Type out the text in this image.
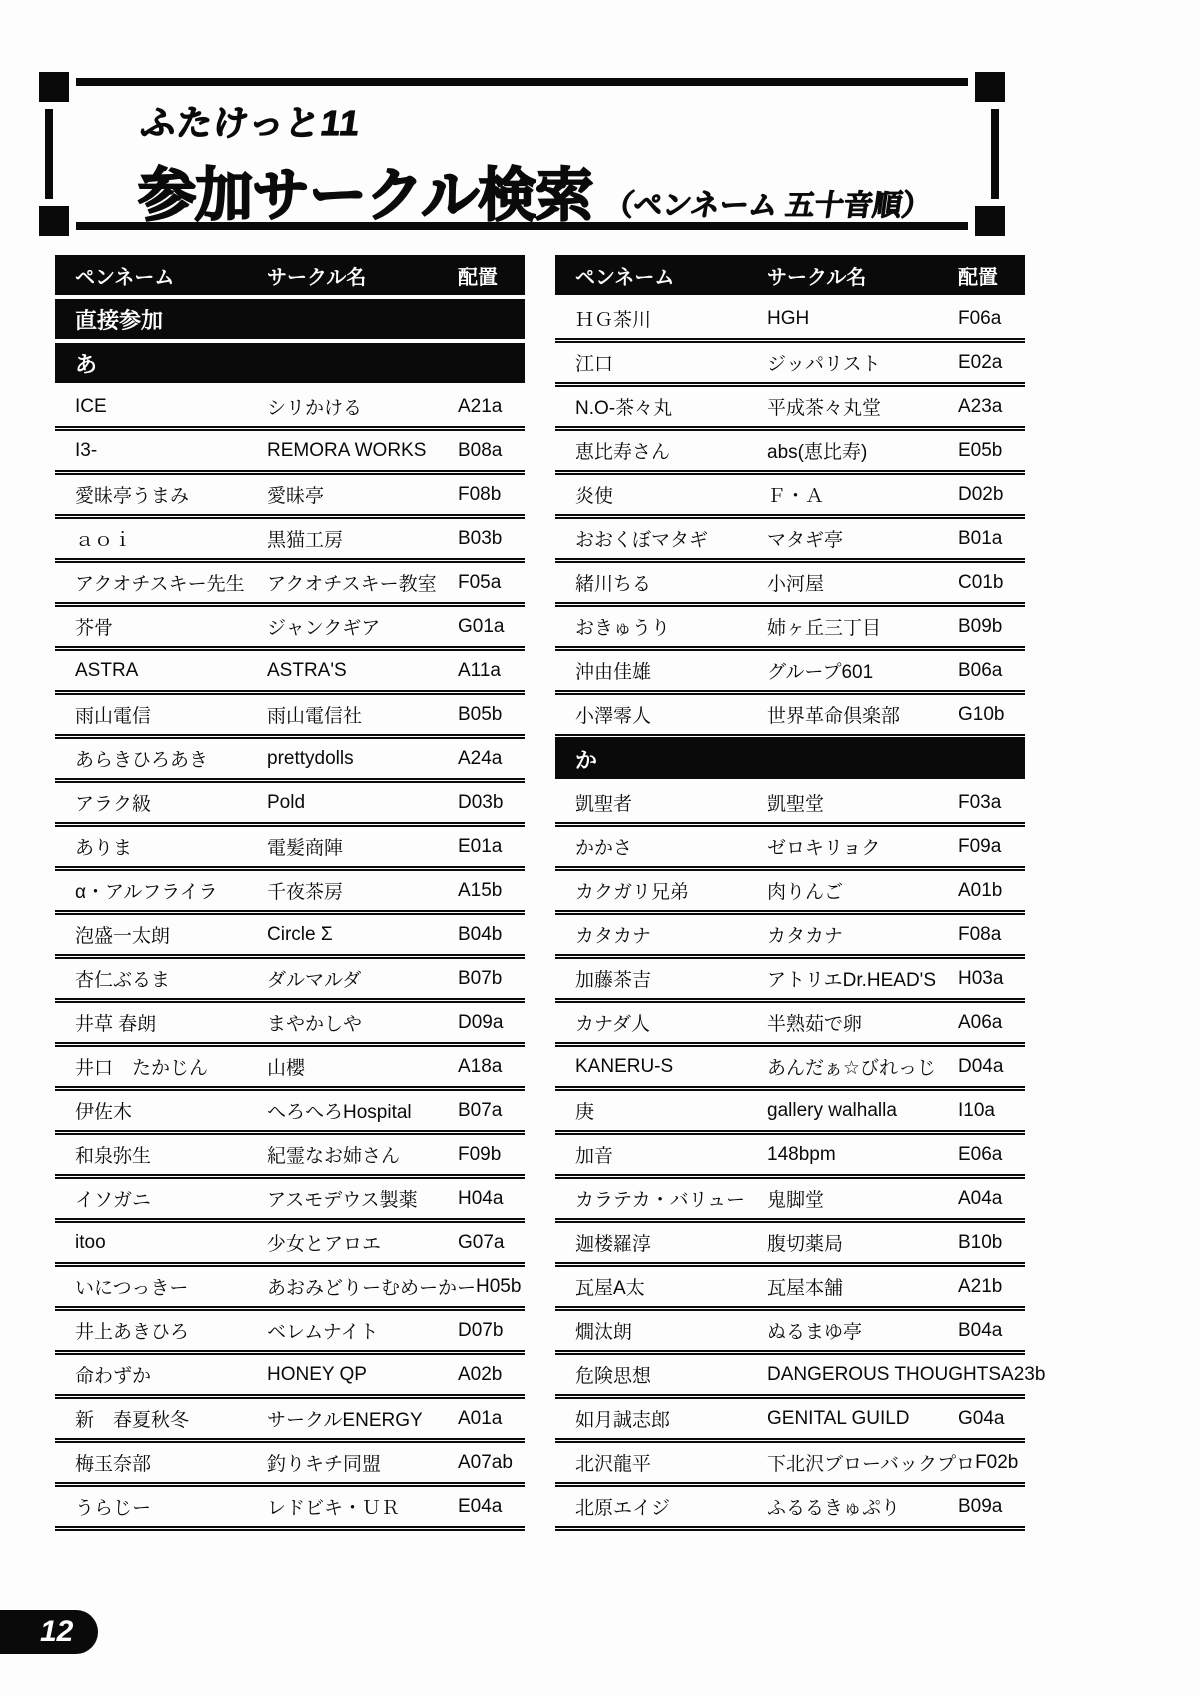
ふたけっと11
参加サークル検索 （ペンネーム 五十音順）
ペンネーム	サークル名	配置
直接参加
あ
ICE	シリかける	A21a
I3-	REMORA WORKS	B08a
愛昧亭うまみ	愛昧亭	F08b
ａｏｉ	黒猫工房	B03b
アクオチスキー先生	アクオチスキー教室	F05a
芥骨	ジャンクギア	G01a
ASTRA	ASTRA'S	A11a
雨山電信	雨山電信社	B05b
あらきひろあき	prettydolls	A24a
アラク級	Pold	D03b
ありま	電髪商陣	E01a
α・アルフライラ	千夜茶房	A15b
泡盛一太朗	Circle Σ	B04b
杏仁ぶるま	ダルマルダ	B07b
井草 春朗	まやかしや	D09a
井口　たかじん	山櫻	A18a
伊佐木	へろへろHospital	B07a
和泉弥生	紀霊なお姉さん	F09b
イソガニ	アスモデウス製薬	H04a
itoo	少女とアロエ	G07a
いにつっきー	あおみどりーむめーかー H05b
井上あきひろ	ベレムナイト	D07b
命わずか	HONEY QP	A02b
新　春夏秋冬	サークルENERGY	A01a
梅玉奈部	釣りキチ同盟	A07ab
うらじー	レドビキ・ＵＲ	E04a
ペンネーム	サークル名	配置
ＨＧ茶川	HGH	F06a
江口	ジッパリスト	E02a
N.O-茶々丸	平成茶々丸堂	A23a
恵比寿さん	abs(恵比寿)	E05b
炎使	Ｆ・Ａ	D02b
おおくぼマタギ	マタギ亭	B01a
緒川ちる	小河屋	C01b
おきゅうり	姉ヶ丘三丁目	B09b
沖由佳雄	グループ601	B06a
小澤零人	世界革命倶楽部	G10b
か
凱聖者	凱聖堂	F03a
かかさ	ゼロキリョク	F09a
カクガリ兄弟	肉りんご	A01b
カタカナ	カタカナ	F08a
加藤茶吉	アトリエDr.HEAD'S	H03a
カナダ人	半熟茹で卵	A06a
KANERU-S	あんだぁ☆びれっじ	D04a
庚	gallery walhalla	I10a
加音	148bpm	E06a
カラテカ・バリュー	鬼脚堂	A04a
迦楼羅淳	腹切薬局	B10b
瓦屋A太	瓦屋本舗	A21b
燗汰朗	ぬるまゆ亭	B04a
危険思想	DANGEROUS THOUGHTS A23b
如月誠志郎	GENITAL GUILD	G04a
北沢龍平	下北沢ブローバックプロ F02b
北原エイジ	ふるるきゅぷり	B09a
12
